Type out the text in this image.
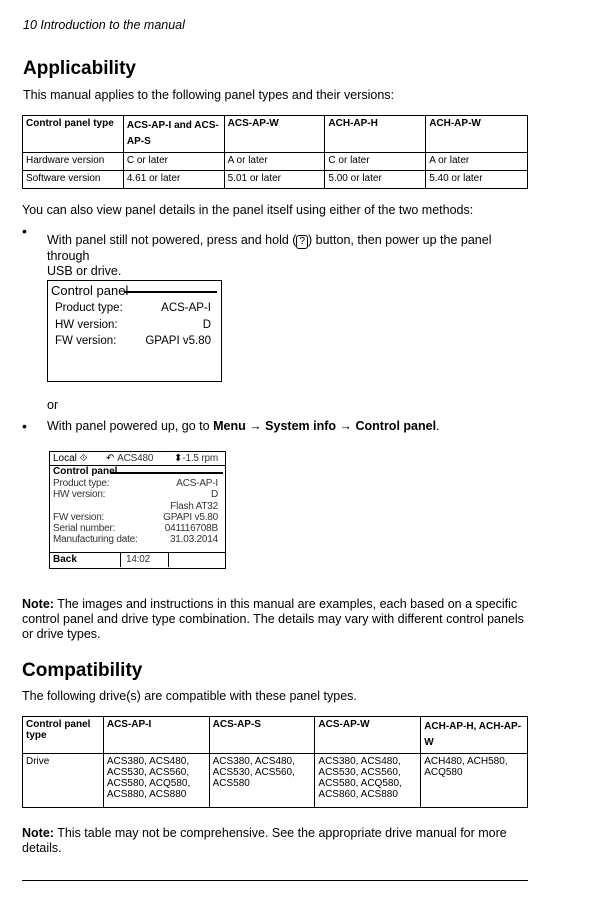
10 Introduction to the manual
Applicability
This manual applies to the following panel types and their versions:
Control panel type	ACS-AP-I and ACS-AP-S	ACS-AP-W	ACH-AP-H	ACH-AP-W
Hardware version	C or later	A or later	C or later	A or later
Software version	4.61 or later	5.01 or later	5.00 or later	5.40 or later
You can also view panel details in the panel itself using either of the two methods:
•
With panel still not powered, press and hold ( ? ) button, then power up the panel through
USB or drive.
Control panel
Product type:	ACS-AP-I
HW version:	D
FW version:	GPAPI v5.80
or
• With panel powered up, go to Menu → System info → Control panel.
Local ⟐ ↶ ACS480 ⬍-1.5 rpm
Control panel
Product type:	ACS-AP-I
HW version:	D
Flash AT32
FW version:	GPAPI v5.80
Serial number:	041116708B
Manufacturing date:	31.03.2014
Back	14:02
Note: The images and instructions in this manual are examples, each based on a specific control panel and drive type combination. The details may vary with different control panels or drive types.
Compatibility
The following drive(s) are compatible with these panel types.
Control panel type	ACS-AP-I	ACS-AP-S	ACS-AP-W	ACH-AP-H, ACH-AP-W
Drive	ACS380, ACS480, ACS530, ACS560, ACS580, ACQ580, ACS880, ACS880	ACS380, ACS480, ACS530, ACS560, ACS580	ACS380, ACS480, ACS530, ACS560, ACS580, ACQ580, ACS860, ACS880	ACH480, ACH580, ACQ580
Note: This table may not be comprehensive. See the appropriate drive manual for more details.
